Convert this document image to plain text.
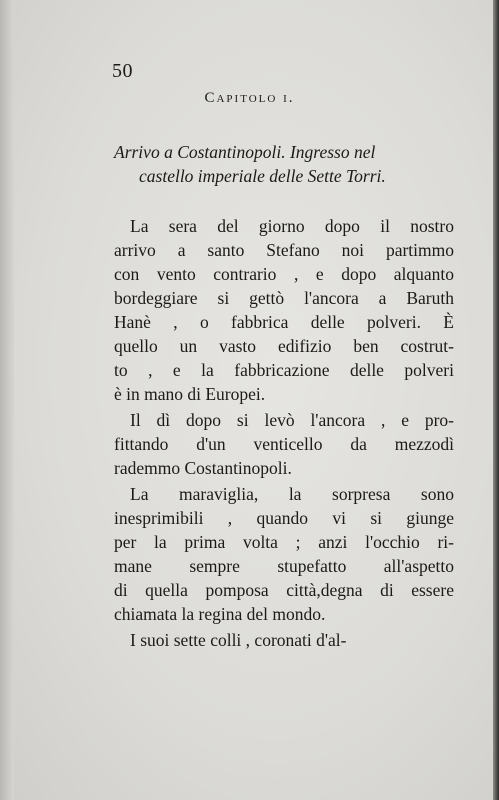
50
Capitolo i.
Arrivo a Costantinopoli. Ingresso nel
castello imperiale delle Sette Torri.

La sera del giorno dopo il nostro
arrivo a santo Stefano noi partimmo
con vento contrario , e dopo alquanto
bordeggiare si gettò l'ancora a Baruth
Hanè , o fabbrica delle polveri. È
quello un vasto edifizio ben costrut-
to , e la fabbricazione delle polveri
è in mano di Europei.

Il dì dopo si levò l'ancora , e pro-
fittando d'un venticello da mezzodì
rademmo Costantinopoli.

La maraviglia, la sorpresa sono
inesprimibili , quando vi si giunge
per la prima volta ; anzi l'occhio ri-
mane sempre stupefatto all'aspetto
di quella pomposa città,degna di essere
chiamata la regina del mondo.

I suoi sette colli , coronati d'al-
